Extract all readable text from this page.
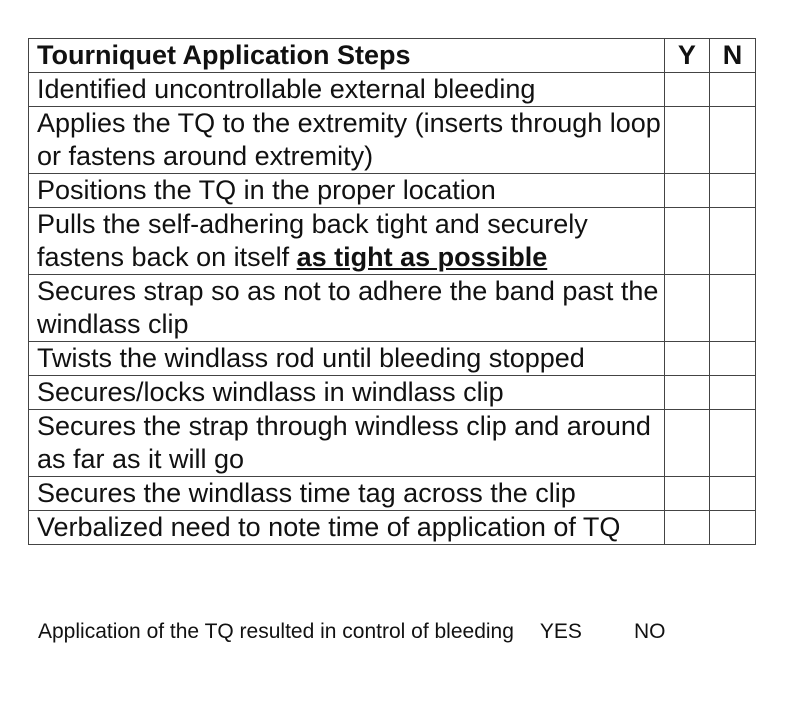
Tourniquet Application Steps	Y	N
Identified uncontrollable external bleeding		
Applies the TQ to the extremity (inserts through loop or fastens around extremity)		
Positions the TQ in the proper location		
Pulls the self-adhering back tight and securely fastens back on itself as tight as possible		
Secures strap so as not to adhere the band past the windlass clip		
Twists the windlass rod until bleeding stopped		
Secures/locks windlass in windlass clip		
Secures the strap through windless clip and around as far as it will go		
Secures the windlass time tag across the clip		
Verbalized need to note time of application of TQ		
Application of the TQ resulted in control of bleeding YES NO
